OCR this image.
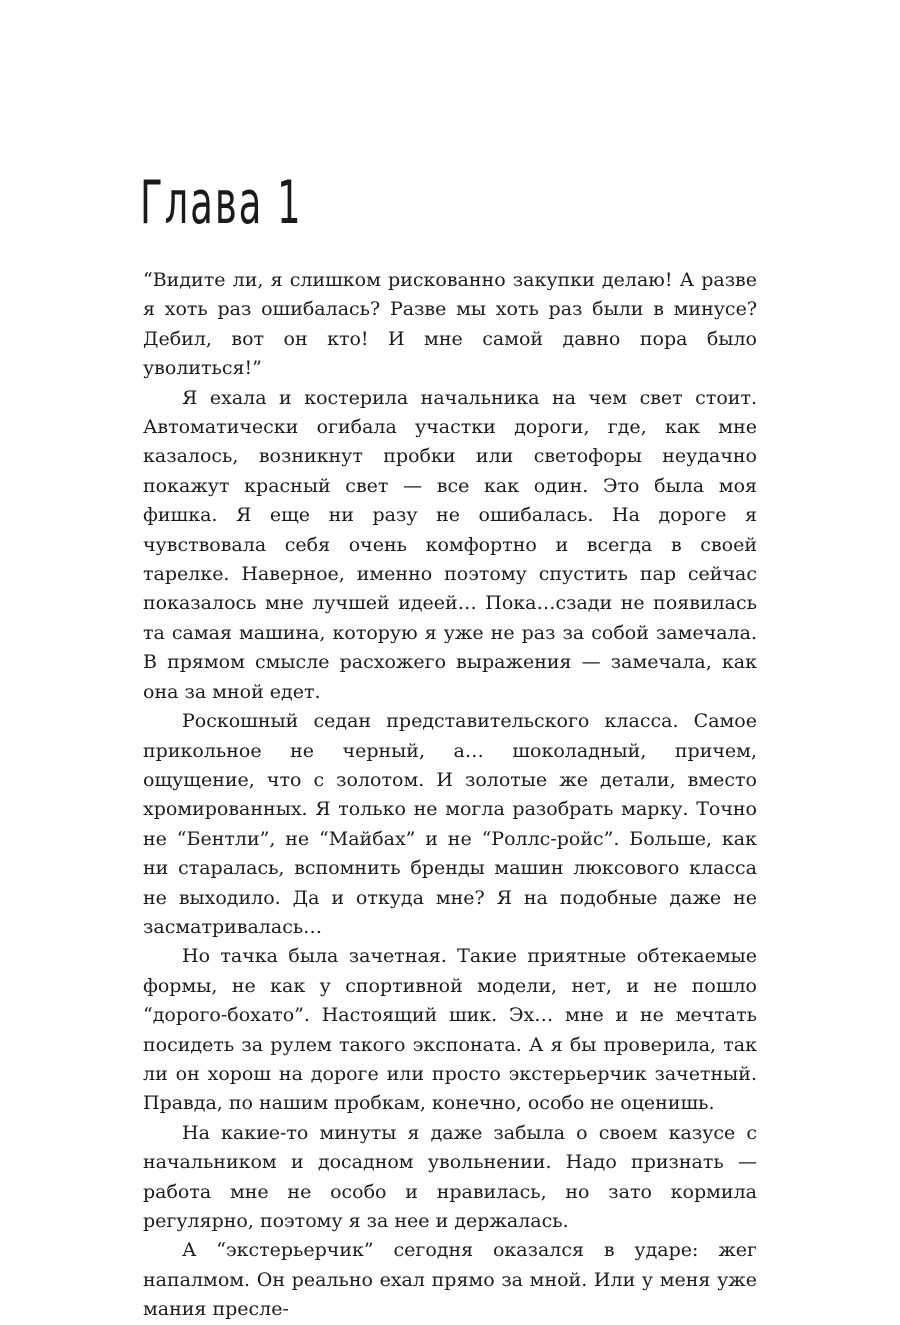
Глава 1

“Видите ли, я слишком рискованно закупки делаю! А разве я хоть раз ошибалась? Разве мы хоть раз были в минусе? Дебил, вот он кто! И мне самой давно пора было уволиться!”

Я ехала и костерила начальника на чем свет стоит. Автоматически огибала участки дороги, где, как мне казалось, возникнут пробки или светофоры неудачно покажут красный свет — все как один. Это была моя фишка. Я еще ни разу не ошибалась. На дороге я чувствовала себя очень комфортно и всегда в своей тарелке. Наверное, именно поэтому спустить пар сейчас показалось мне лучшей идеей… Пока…сзади не появилась та самая машина, которую я уже не раз за собой замечала. В прямом смысле расхожего выражения — замечала, как она за мной едет.

Роскошный седан представительского класса. Самое прикольное не черный, а… шоколадный, причем, ощущение, что с золотом. И золотые же детали, вместо хромированных. Я только не могла разобрать марку. Точно не “Бентли”, не “Майбах” и не “Роллс-ройс”. Больше, как ни старалась, вспомнить бренды машин люксового класса не выходило. Да и откуда мне? Я на подобные даже не засматривалась…

Но тачка была зачетная. Такие приятные обтекаемые формы, не как у спортивной модели, нет, и не пошло “дорого-бохато”. Настоящий шик. Эх… мне и не мечтать посидеть за рулем такого экспоната. А я бы проверила, так ли он хорош на дороге или просто экстерьерчик зачетный. Правда, по нашим пробкам, конечно, особо не оценишь.

На какие-то минуты я даже забыла о своем казусе с начальником и досадном увольнении. Надо признать — работа мне не особо и нравилась, но зато кормила регулярно, поэтому я за нее и держалась.

А “экстерьерчик” сегодня оказался в ударе: жег напалмом. Он реально ехал прямо за мной. Или у меня уже мания пресле-
